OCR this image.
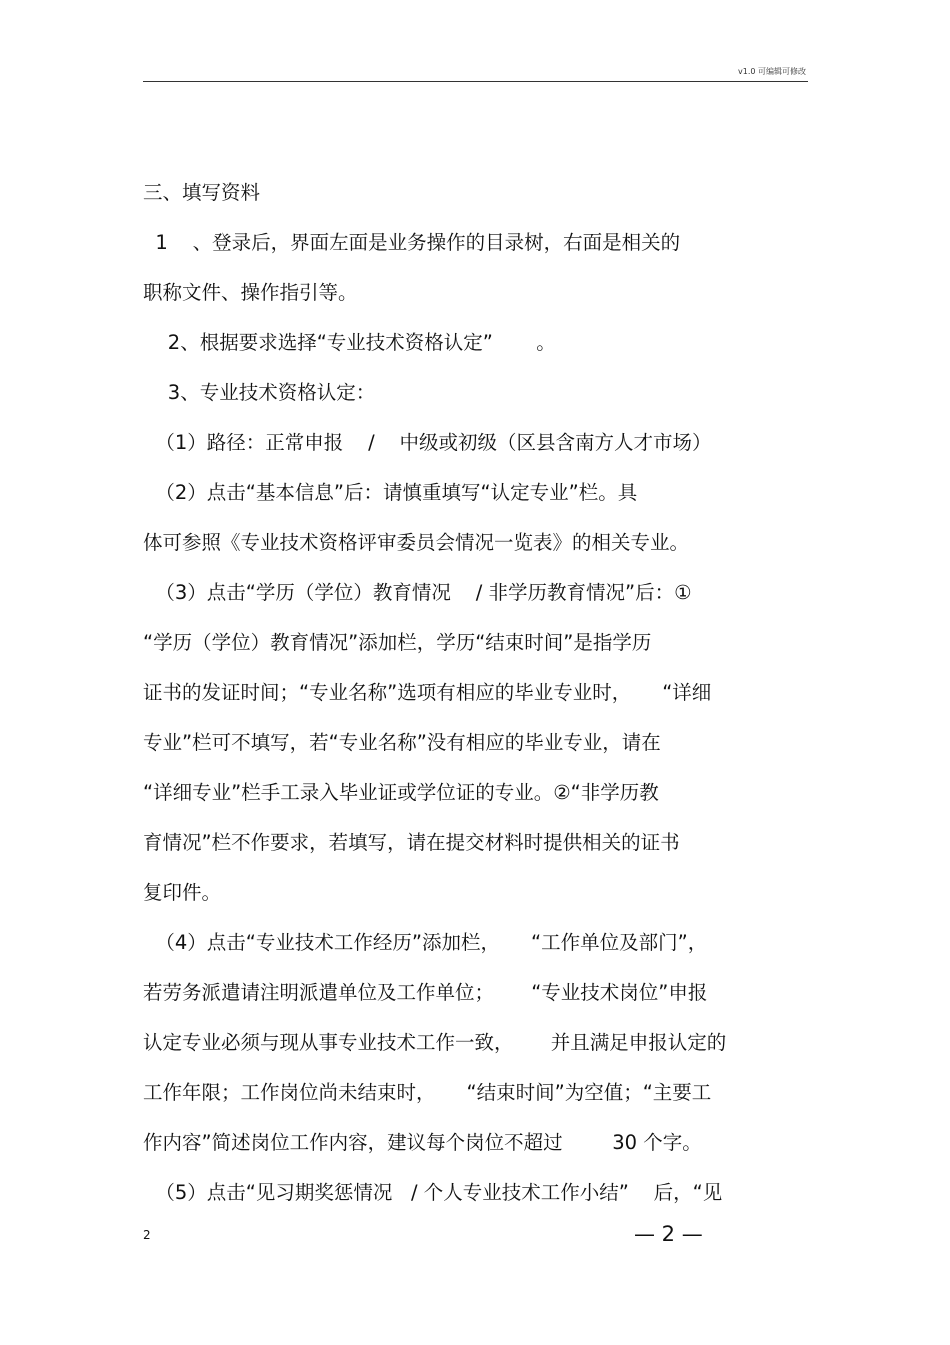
v1.0 可编辑可修改
三、填写资料
1    、登录后，界面左面是业务操作的目录树，右面是相关的
职称文件、操作指引等。
2、根据要求选择“专业技术资格认定”       。
3、专业技术资格认定：
（1）路径：正常申报    /    中级或初级（区县含南方人才市场）
（2）点击“基本信息”后：请慎重填写“认定专业”栏。具
体可参照《专业技术资格评审委员会情况一览表》的相关专业。
（3）点击“学历（学位）教育情况    / 非学历教育情况”后：①
“学历（学位）教育情况”添加栏，学历“结束时间”是指学历
证书的发证时间；“专业名称”选项有相应的毕业专业时，     “详细
专业”栏可不填写，若“专业名称”没有相应的毕业专业，请在
“详细专业”栏手工录入毕业证或学位证的专业。②“非学历教
育情况”栏不作要求，若填写，请在提交材料时提供相关的证书
复印件。
（4）点击“专业技术工作经历”添加栏，     “工作单位及部门”，
若劳务派遣请注明派遣单位及工作单位；      “专业技术岗位”申报
认定专业必须与现从事专业技术工作一致，      并且满足申报认定的
工作年限；工作岗位尚未结束时，     “结束时间”为空值；“主要工
作内容”简述岗位工作内容，建议每个岗位不超过        30 个字。
（5）点击“见习期奖惩情况   / 个人专业技术工作小结”    后，“见
2	— 2 —
